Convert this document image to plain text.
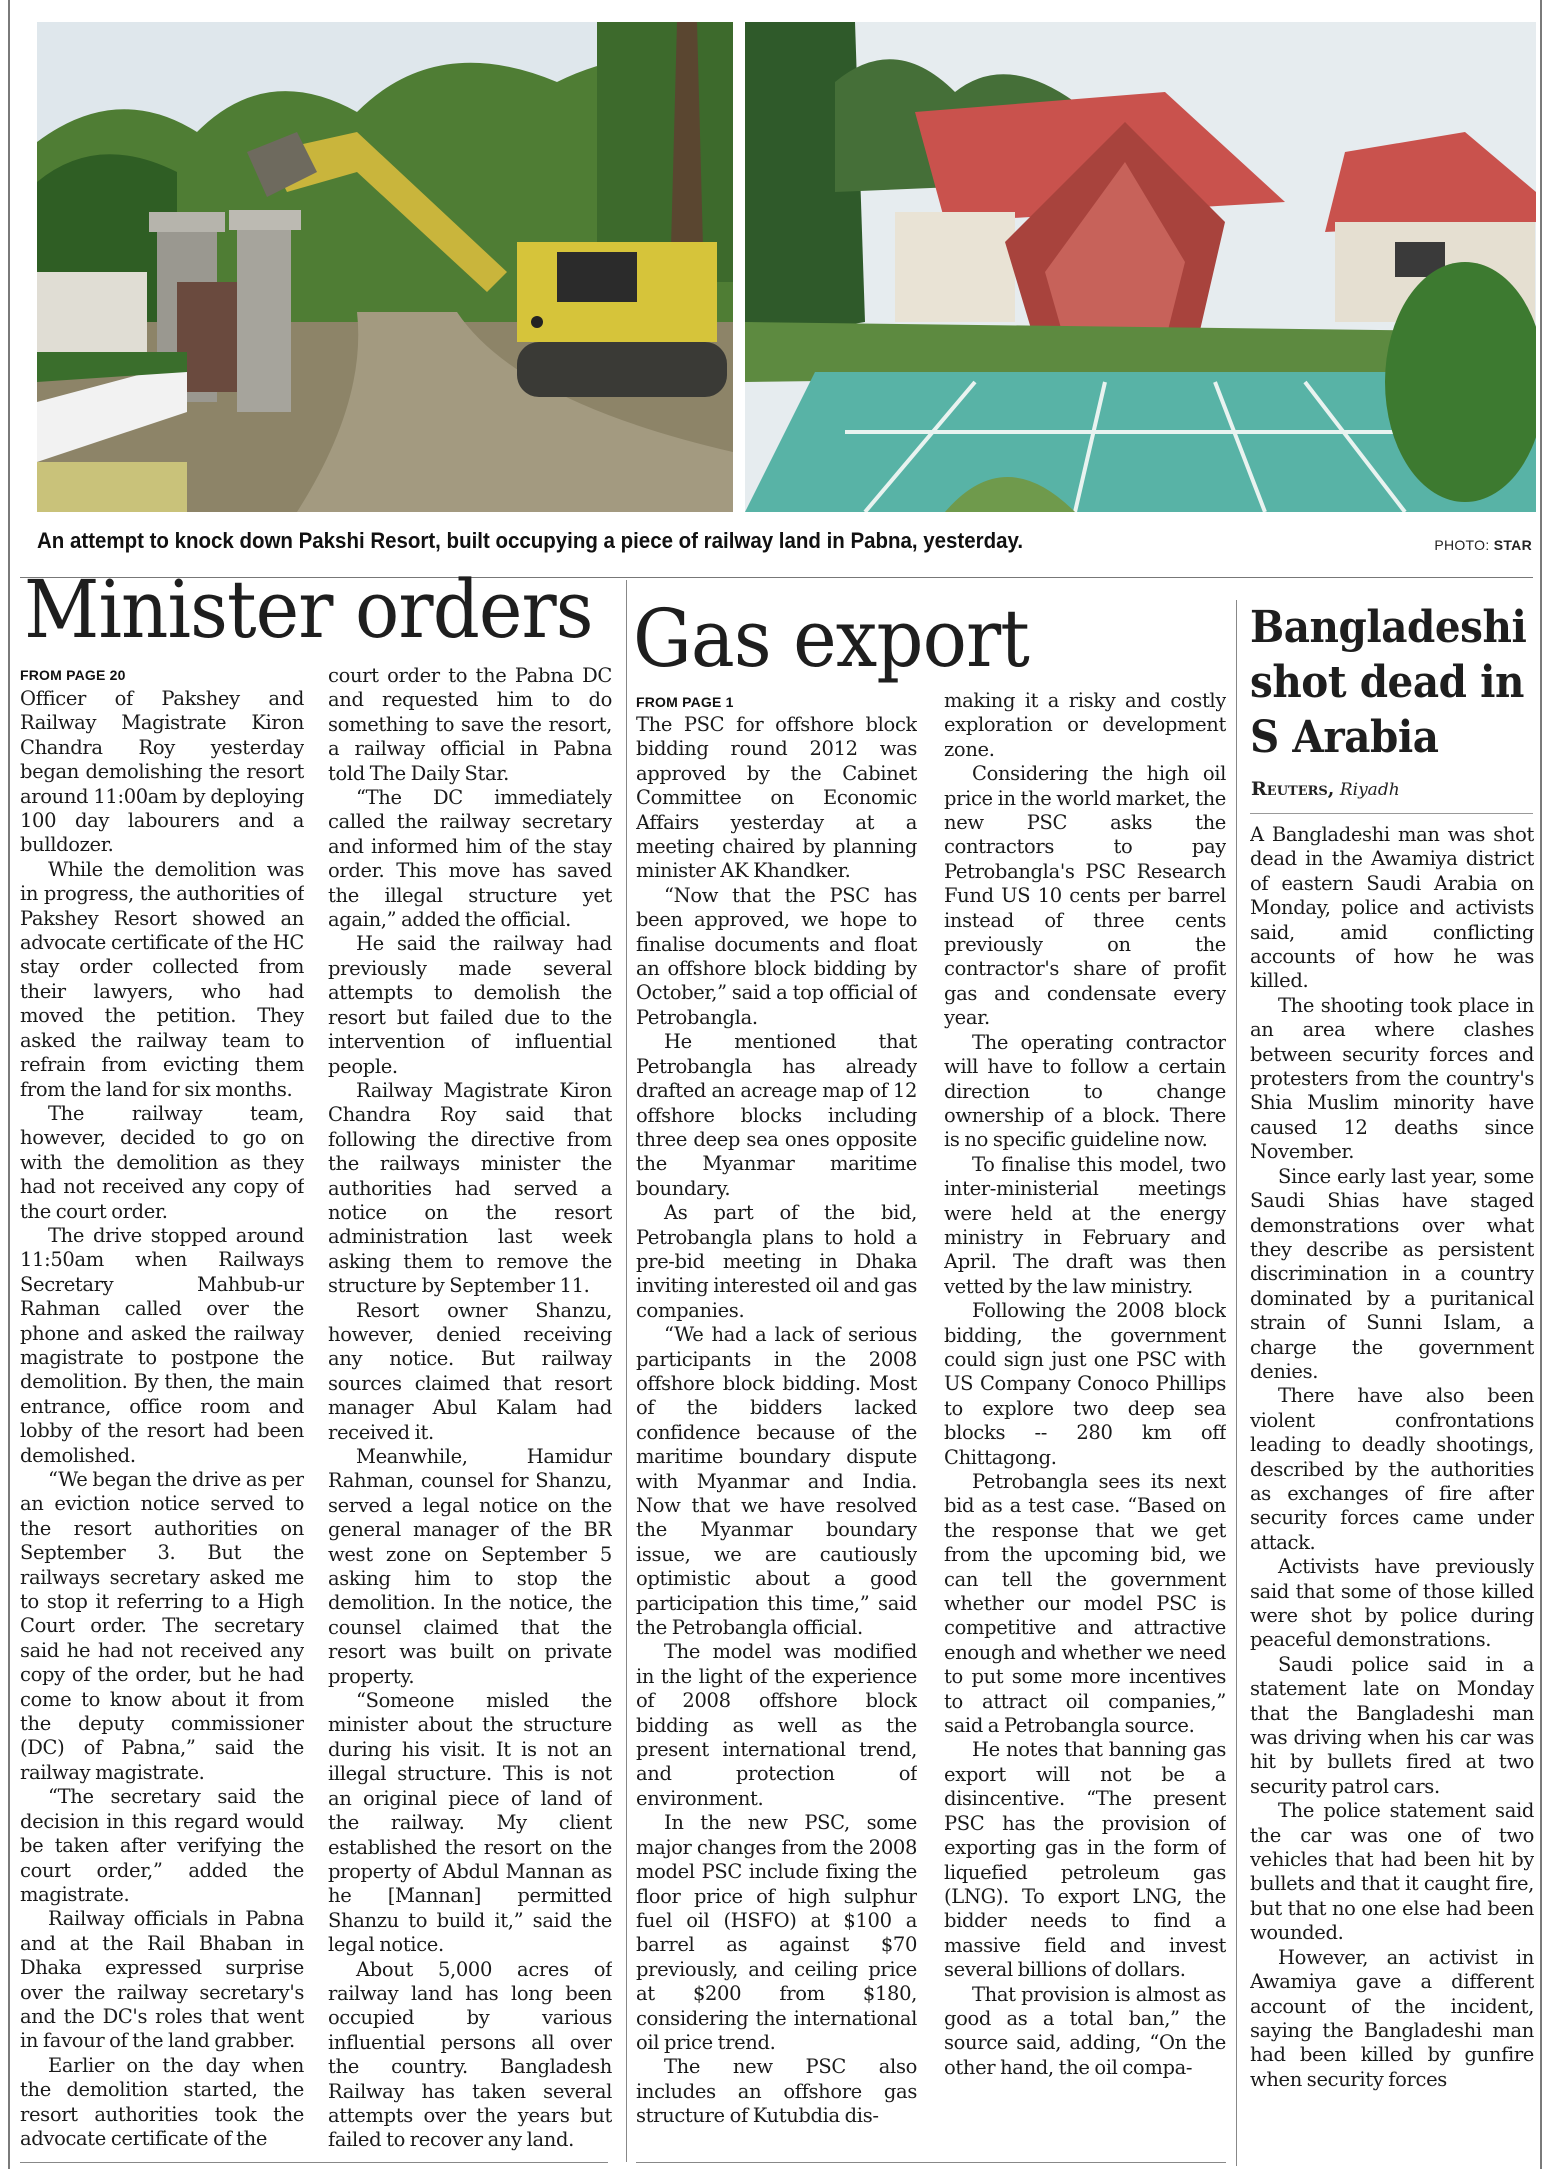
An attempt to knock down Pakshi Resort, built occupying a piece of railway land in Pabna, yesterday.	PHOTO: STAR
Minister orders
FROM PAGE 20

Officer of Pakshey and Railway Magistrate Kiron Chandra Roy yesterday began demolishing the resort around 11:00am by deploying 100 day labourers and a bulldozer.

While the demolition was in progress, the authorities of Pakshey Resort showed an advocate certificate of the HC stay order collected from their lawyers, who had moved the petition. They asked the railway team to refrain from evicting them from the land for six months.

The railway team, however, decided to go on with the demolition as they had not received any copy of the court order.

The drive stopped around 11:50am when Railways Secretary Mahbub-ur Rahman called over the phone and asked the railway magistrate to postpone the demolition. By then, the main entrance, office room and lobby of the resort had been demolished.

“We began the drive as per an eviction notice served to the resort authorities on September 3. But the railways secretary asked me to stop it referring to a High Court order. The secretary said he had not received any copy of the order, but he had come to know about it from the deputy commissioner (DC) of Pabna,” said the railway magistrate.

“The secretary said the decision in this regard would be taken after verifying the court order,” added the magistrate.

Railway officials in Pabna and at the Rail Bhaban in Dhaka expressed surprise over the railway secretary's and the DC's roles that went in favour of the land grabber.

Earlier on the day when the demolition started, the resort authorities took the advocate certificate of the

court order to the Pabna DC and requested him to do something to save the resort, a railway official in Pabna told The Daily Star.

“The DC immediately called the railway secretary and informed him of the stay order. This move has saved the illegal structure yet again,” added the official.

He said the railway had previously made several attempts to demolish the resort but failed due to the intervention of influential people.

Railway Magistrate Kiron Chandra Roy said that following the directive from the railways minister the authorities had served a notice on the resort administration last week asking them to remove the structure by September 11.

Resort owner Shanzu, however, denied receiving any notice. But railway sources claimed that resort manager Abul Kalam had received it.

Meanwhile, Hamidur Rahman, counsel for Shanzu, served a legal notice on the general manager of the BR west zone on September 5 asking him to stop the demolition. In the notice, the counsel claimed that the resort was built on private property.

“Someone misled the minister about the structure during his visit. It is not an illegal structure. This is not an original piece of land of the railway. My client established the resort on the property of Abdul Mannan as he [Mannan] permitted Shanzu to build it,” said the legal notice.

About 5,000 acres of railway land has long been occupied by various influential persons all over the country. Bangladesh Railway has taken several attempts over the years but failed to recover any land.

Gas export
FROM PAGE 1

The PSC for offshore block bidding round 2012 was approved by the Cabinet Committee on Economic Affairs yesterday at a meeting chaired by planning minister AK Khandker.

“Now that the PSC has been approved, we hope to finalise documents and float an offshore block bidding by October,” said a top official of Petrobangla.

He mentioned that Petrobangla has already drafted an acreage map of 12 offshore blocks including three deep sea ones opposite the Myanmar maritime boundary.

As part of the bid, Petrobangla plans to hold a pre-bid meeting in Dhaka inviting interested oil and gas companies.

“We had a lack of serious participants in the 2008 offshore block bidding. Most of the bidders lacked confidence because of the maritime boundary dispute with Myanmar and India. Now that we have resolved the Myanmar boundary issue, we are cautiously optimistic about a good participation this time,” said the Petrobangla official.

The model was modified in the light of the experience of 2008 offshore block bidding as well as the present international trend, and protection of environment.

In the new PSC, some major changes from the 2008 model PSC include fixing the floor price of high sulphur fuel oil (HSFO) at $100 a barrel as against $70 previously, and ceiling price at $200 from $180, considering the international oil price trend.

The new PSC also includes an offshore gas structure of Kutubdia dis-

making it a risky and costly exploration or development zone.

Considering the high oil price in the world market, the new PSC asks the contractors to pay Petrobangla's PSC Research Fund US 10 cents per barrel instead of three cents previously on the contractor's share of profit gas and condensate every year.

The operating contractor will have to follow a certain direction to change ownership of a block. There is no specific guideline now.

To finalise this model, two inter-ministerial meetings were held at the energy ministry in February and April. The draft was then vetted by the law ministry.

Following the 2008 block bidding, the government could sign just one PSC with US Company Conoco Phillips to explore two deep sea blocks -- 280 km off Chittagong.

Petrobangla sees its next bid as a test case. “Based on the response that we get from the upcoming bid, we can tell the government whether our model PSC is competitive and attractive enough and whether we need to put some more incentives to attract oil companies,” said a Petrobangla source.

He notes that banning gas export will not be a disincentive. “The present PSC has the provision of exporting gas in the form of liquefied petroleum gas (LNG). To export LNG, the bidder needs to find a massive field and invest several billions of dollars.

That provision is almost as good as a total ban,” the source said, adding, “On the other hand, the oil compa-

Bangladeshi shot dead in S Arabia
Reuters, Riyadh

A Bangladeshi man was shot dead in the Awamiya district of eastern Saudi Arabia on Monday, police and activists said, amid conflicting accounts of how he was killed.

The shooting took place in an area where clashes between security forces and protesters from the country's Shia Muslim minority have caused 12 deaths since November.

Since early last year, some Saudi Shias have staged demonstrations over what they describe as persistent discrimination in a country dominated by a puritanical strain of Sunni Islam, a charge the government denies.

There have also been violent confrontations leading to deadly shootings, described by the authorities as exchanges of fire after security forces came under attack.

Activists have previously said that some of those killed were shot by police during peaceful demonstrations.

Saudi police said in a statement late on Monday that the Bangladeshi man was driving when his car was hit by bullets fired at two security patrol cars.

The police statement said the car was one of two vehicles that had been hit by bullets and that it caught fire, but that no one else had been wounded.

However, an activist in Awamiya gave a different account of the incident, saying the Bangladeshi man had been killed by gunfire when security forces
